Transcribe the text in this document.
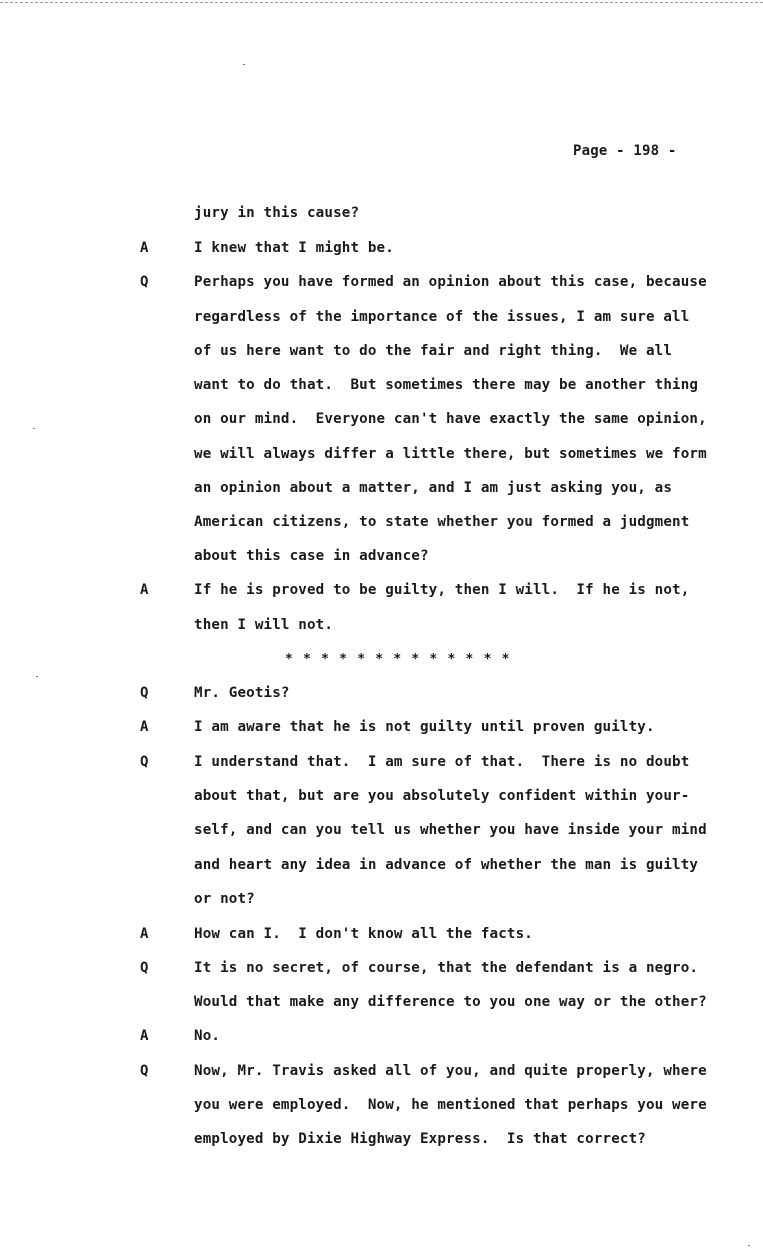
Page - 198 -
A
Q
A
Q
A
Q
A
Q
A
Q
jury in this cause?
I knew that I might be.
Perhaps you have formed an opinion about this case, because
regardless of the importance of the issues, I am sure all
of us here want to do the fair and right thing.  We all
want to do that.  But sometimes there may be another thing
on our mind.  Everyone can't have exactly the same opinion,
we will always differ a little there, but sometimes we form
an opinion about a matter, and I am just asking you, as
American citizens, to state whether you formed a judgment
about this case in advance?
If he is proved to be guilty, then I will.  If he is not,
then I will not.
* * * * * * * * * * * * *
Mr. Geotis?
I am aware that he is not guilty until proven guilty.
I understand that.  I am sure of that.  There is no doubt
about that, but are you absolutely confident within your-
self, and can you tell us whether you have inside your mind
and heart any idea in advance of whether the man is guilty
or not?
How can I.  I don't know all the facts.
It is no secret, of course, that the defendant is a negro.
Would that make any difference to you one way or the other?
No.
Now, Mr. Travis asked all of you, and quite properly, where
you were employed.  Now, he mentioned that perhaps you were
employed by Dixie Highway Express.  Is that correct?
